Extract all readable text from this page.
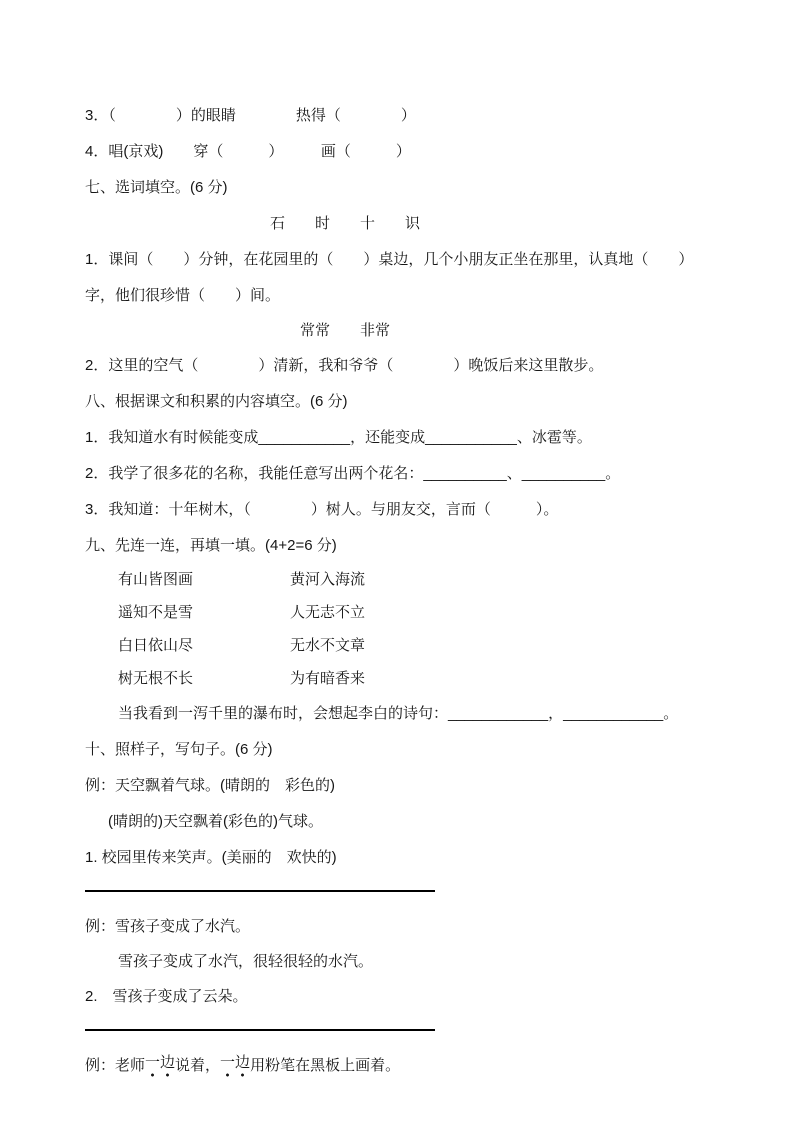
3．（　　　　）的眼睛　　　　热得（　　　　）
4．唱(京戏)　　穿（　　　）　　　画（　　　）
七、选词填空。(6 分)
石　　时　　十　　识
1．课间（　　）分钟，在花园里的（　　）桌边，几个小朋友正坐在那里，认真地（　　）
字，他们很珍惜（　　）间。
常常　　非常
2．这里的空气（　　　　）清新，我和爷爷（　　　　）晚饭后来这里散步。
八、根据课文和积累的内容填空。(6 分)
1．我知道水有时候能变成___________，还能变成___________、冰雹等。
2．我学了很多花的名称，我能任意写出两个花名：__________、__________。
3．我知道：十年树木，（　　　　）树人。与朋友交，言而（　　　）。
九、先连一连，再填一填。(4+2=6 分)
有山皆图画	黄河入海流
遥知不是雪	人无志不立
白日依山尽	无水不文章
树无根不长	为有暗香来
当我看到一泻千里的瀑布时，会想起李白的诗句：____________，____________。
十、照样子，写句子。(6 分)
例：天空飘着气球。(晴朗的　彩色的)
(晴朗的)天空飘着(彩色的)气球。
1. 校园里传来笑声。(美丽的　欢快的)
例：雪孩子变成了水汽。
雪孩子变成了水汽，很轻很轻的水汽。
2.　雪孩子变成了云朵。
例：老师 一边 说着， 一边 用粉笔在黑板上画着。
